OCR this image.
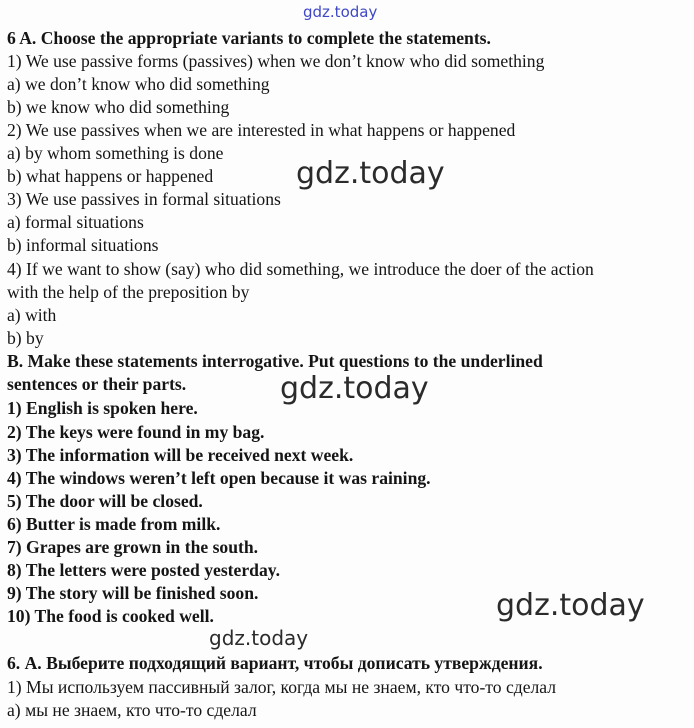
gdz.today
6 A. Choose the appropriate variants to complete the statements.
1) We use passive forms (passives) when we don’t know who did something
a) we don’t know who did something
b) we know who did something
2) We use passives when we are interested in what happens or happened
a) by whom something is done
b) what happens or happened
3) We use passives in formal situations
a) formal situations
b) informal situations
4) If we want to show (say) who did something, we introduce the doer of the action
with the help of the preposition by
a) with
b) by
B. Make these statements interrogative. Put questions to the underlined
sentences or their parts.
1) English is spoken here.
2) The keys were found in my bag.
3) The information will be received next week.
4) The windows weren’t left open because it was raining.
5) The door will be closed.
6) Butter is made from milk.
7) Grapes are grown in the south.
8) The letters were posted yesterday.
9) The story will be finished soon.
10) The food is cooked well.
6. А. Выберите подходящий вариант, чтобы дописать утверждения.
1) Мы используем пассивный залог, когда мы не знаем, кто что-то сделал
а) мы не знаем, кто что-то сделал
gdz.today
gdz.today
gdz.today
gdz.today
